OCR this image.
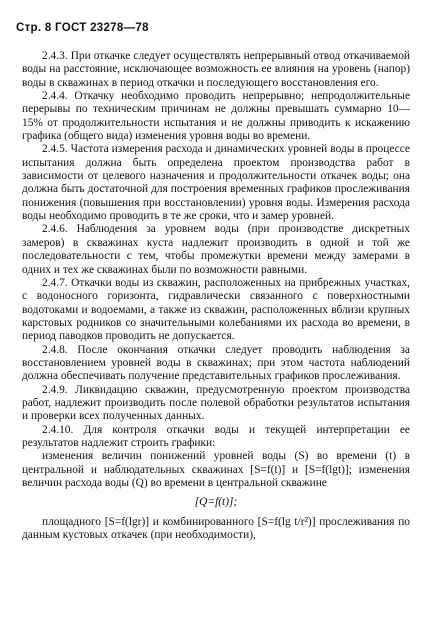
Стр. 8 ГОСТ 23278—78

2.4.3. При откачке следует осуществлять непрерывный отвод откачиваемой воды на расстояние, исключающее возможность ее влияния на уровень (напор) воды в скважинах в период откачки и последующего восстановления его.

2.4.4. Откачку необходимо проводить непрерывно; непродолжительные перерывы по техническим причинам не должны превышать суммарно 10—15% от продолжительности испытания и не должны приводить к искажению графика (общего вида) изменения уровня воды во времени.

2.4.5. Частота измерения расхода и динамических уровней воды в процессе испытания должна быть определена проектом производства работ в зависимости от целевого назначения и продолжительности откачек воды; она должна быть достаточной для построения временных графиков прослеживания понижения (повышения при восстановлении) уровня воды. Измерения расхода воды необходимо проводить в те же сроки, что и замер уровней.

2.4.6. Наблюдения за уровнем воды (при производстве дискретных замеров) в скважинах куста надлежит производить в одной и той же последовательности с тем, чтобы промежутки времени между замерами в одних и тех же скважинах были по возможности равными.

2.4.7. Откачки воды из скважин, расположенных на прибрежных участках, с водоносного горизонта, гидравлически связанного с поверхностными водотоками и водоемами, а также из скважин, расположенных вблизи крупных карстовых родников со значительными колебаниями их расхода во времени, в период паводков проводить не допускается.

2.4.8. После окончания откачки следует проводить наблюдения за восстановлением уровней воды в скважинах; при этом частота наблюдений должна обеспечивать получение представительных графиков прослеживания.

2.4.9. Ликвидацию скважин, предусмотренную проектом производства работ, надлежит производить после полевой обработки результатов испытания и проверки всех полученных данных.

2.4.10. Для контроля откачки воды и текущей интерпретации ее результатов надлежит строить графики:

изменения величин понижений уровней воды (S) во времени (t) в центральной и наблюдательных скважинах [S=f(t)] и [S=f(lgt)]; изменения величин расхода воды (Q) во времени в центральной скважине

[Q=f(t)];

площадного [S=f(lgr)] и комбинированного [S=f(lg t/r²)] прослеживания по данным кустовых откачек (при необходимости),
